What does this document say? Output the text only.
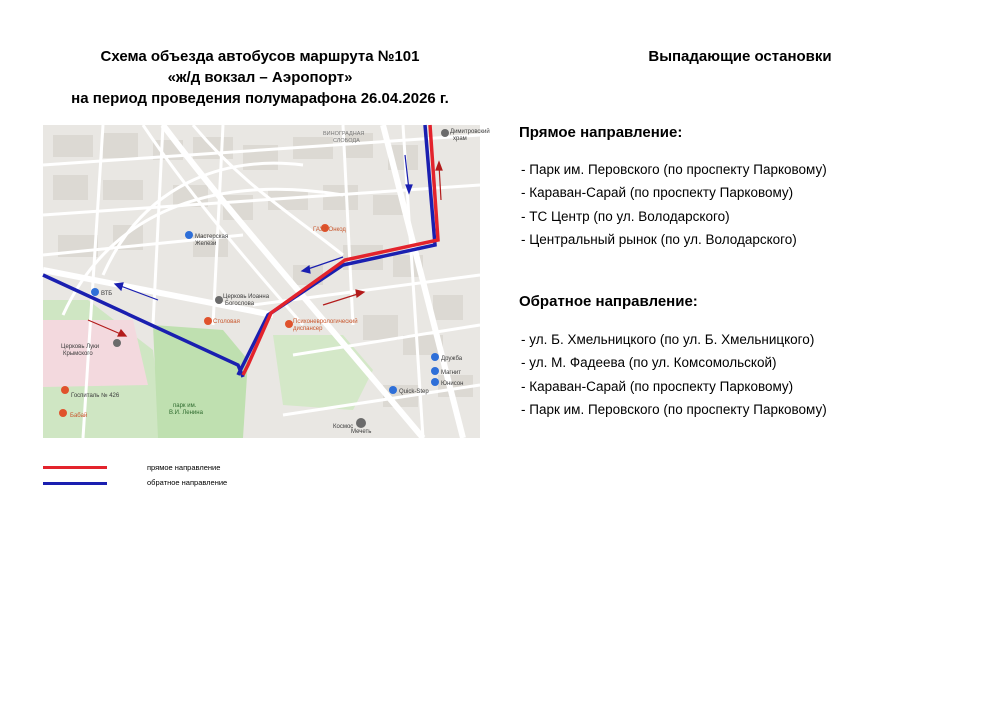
Схема объезда автобусов маршрута №101
«ж/д вокзал – Аэропорт»
на период проведения полумарафона 26.04.2026 г.
Выпадающие остановки
Мастерская
Желези
Церковь Иоанна
Богослова
Столовая	Психоневрологический
диспансер
Церковь Луки
Крымского
Госпиталь № 426
парк им.
В.И. Ленина
Бабай
ВТБ
Дружба
Магнит
Юнисон
Quick-Step
Космос
Мечеть
ГАУЗ Онкод
Димитровский
храм
ВИНОГРАДНАЯ
СЛОБОДА
прямое направление
обратное направление
Прямое направление:
- Парк им. Перовского (по проспекту Парковому)
- Караван-Сарай (по проспекту Парковому)
- ТС Центр (по ул. Володарского)
- Центральный рынок (по ул. Володарского)
Обратное направление:
- ул. Б. Хмельницкого (по ул. Б. Хмельницкого)
- ул. М. Фадеева (по ул. Комсомольской)
- Караван-Сарай (по проспекту Парковому)
- Парк им. Перовского (по проспекту Парковому)
